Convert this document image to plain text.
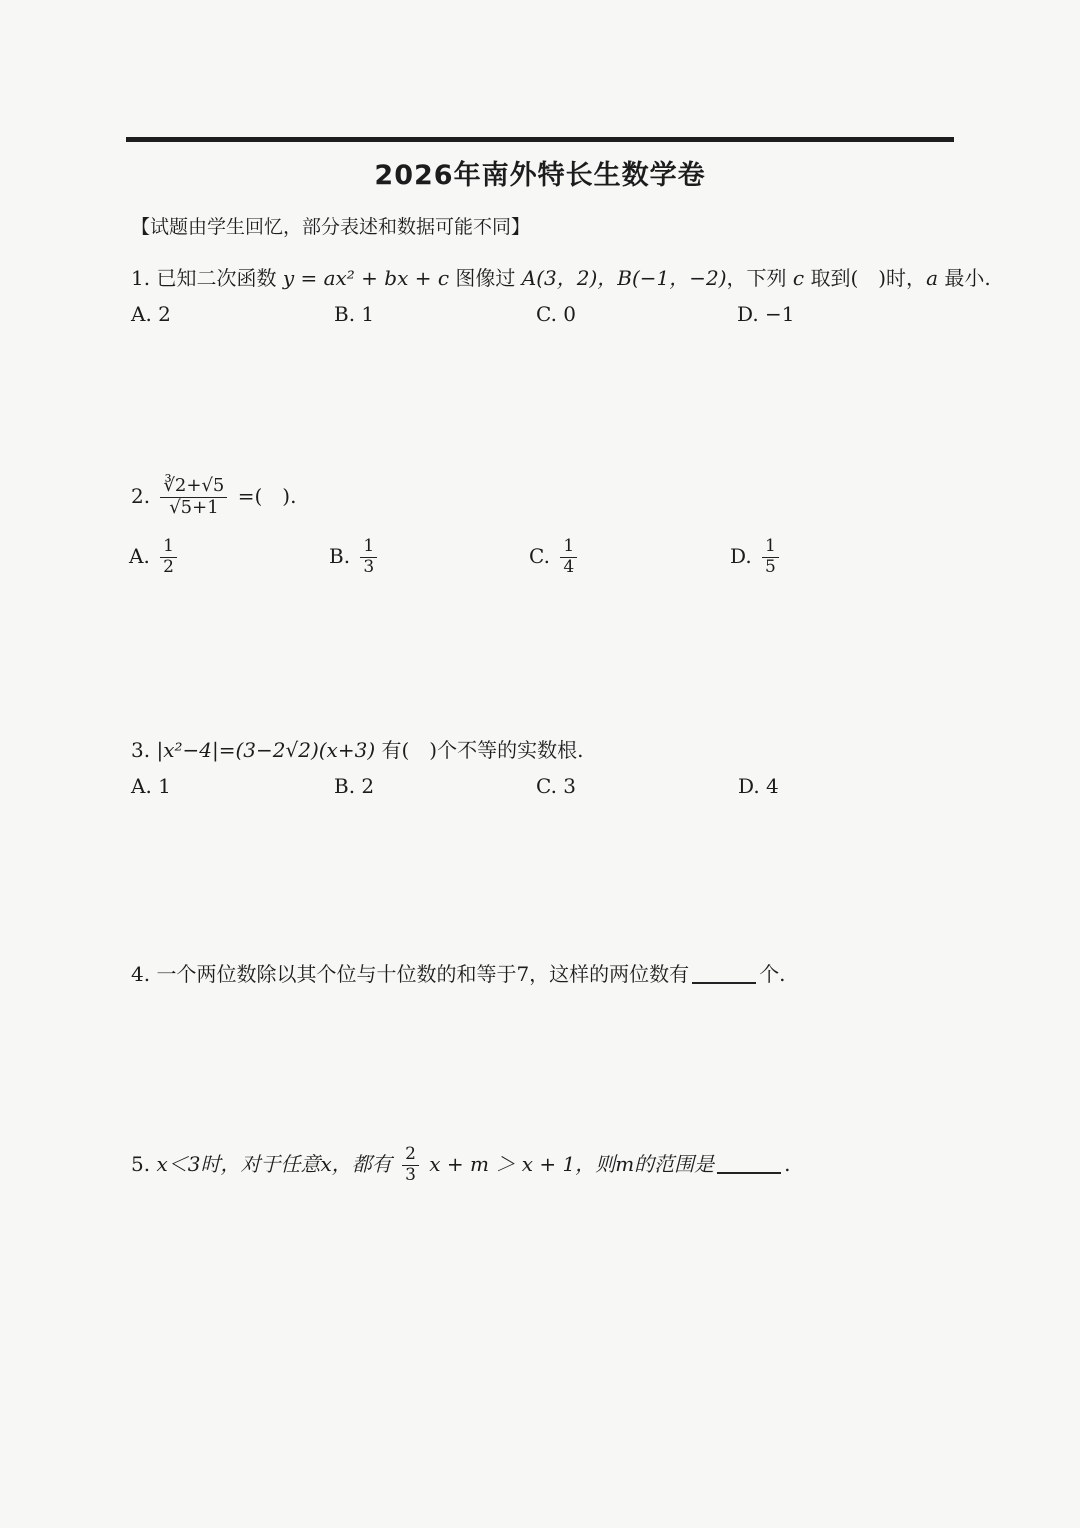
2026年南外特长生数学卷
【试题由学生回忆，部分表述和数据可能不同】
1. 已知二次函数 y = ax² + bx + c 图像过 A(3，2)，B(−1，−2)，下列 c 取到(　)时，a 最小.
A. 2	B. 1	C. 0	D. −1
2. $\frac{∛2+√5}{√5+1}$ =(　).
A. $\frac{1}{2}$	B. $\frac{1}{3}$	C. $\frac{1}{4}$	D. $\frac{1}{5}$
3. |x²−4|=(3−2√2)(x+3) 有(　)个不等的实数根.
A. 1	B. 2	C. 3	D. 4
4. 一个两位数除以其个位与十位数的和等于7，这样的两位数有	个.
5. x＜3时，对于任意x，都有 $\frac{2}{3}$ x + m ＞ x + 1，则m的范围是	.
